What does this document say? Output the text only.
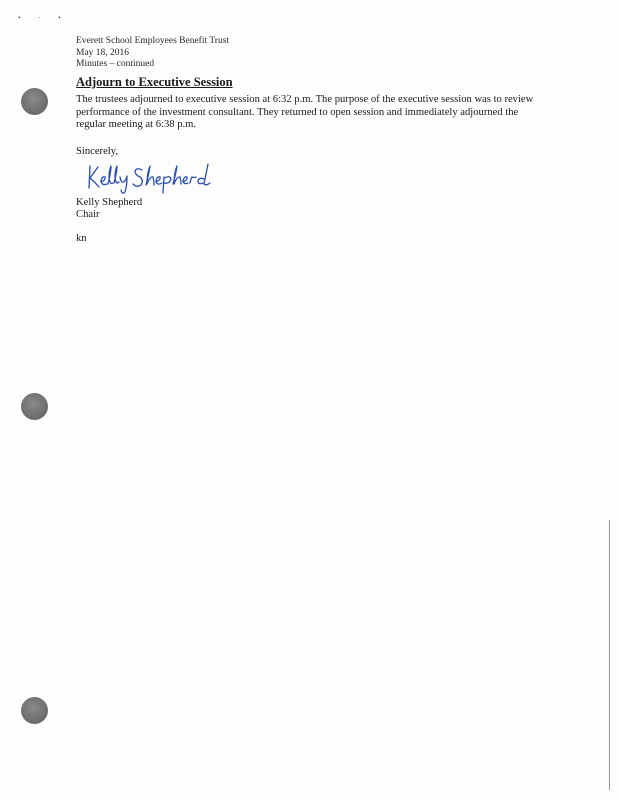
• · •
Everett School Employees Benefit Trust
May 18, 2016
Minutes – continued
Adjourn to Executive Session
The trustees adjourned to executive session at 6:32 p.m. The purpose of the executive session was to review performance of the investment consultant. They returned to open session and immediately adjourned the regular meeting at 6:38 p.m.
Sincerely,
Kelly Shepherd
Chair
kn
